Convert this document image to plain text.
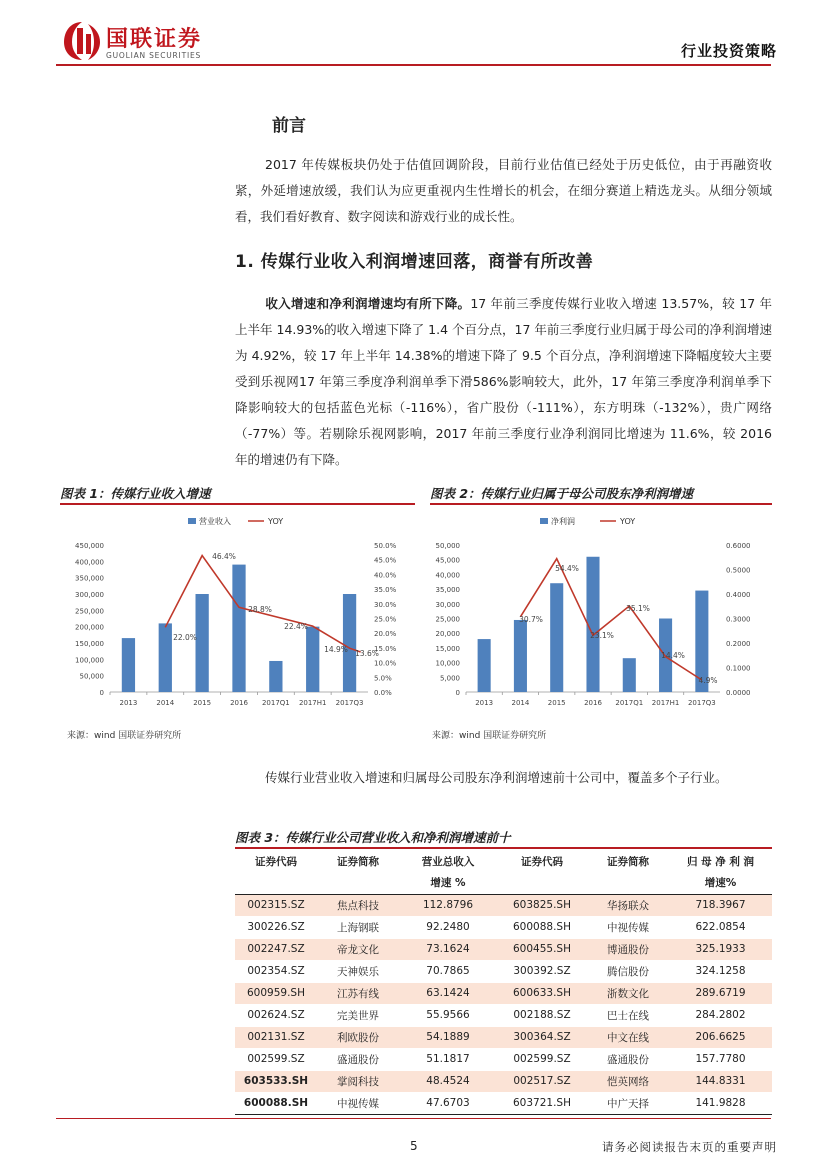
国联证券
GUOLIAN SECURITIES	行业投资策略
前言
2017 年传媒板块仍处于估值回调阶段，目前行业估值已经处于历史低位，由于再融资收紧，外延增速放缓，我们认为应更重视内生性增长的机会，在细分赛道上精选龙头。从细分领域看，我们看好教育、数字阅读和游戏行业的成长性。
1. 传媒行业收入利润增速回落，商誉有所改善
收入增速和净利润增速均有所下降。17 年前三季度传媒行业收入增速 13.57%，较 17 年上半年 14.93%的收入增速下降了 1.4 个百分点，17 年前三季度行业归属于母公司的净利润增速为 4.92%，较 17 年上半年 14.38%的增速下降了 9.5 个百分点，净利润增速下降幅度较大主要受到乐视网17 年第三季度净利润单季下滑586%影响较大，此外，17 年第三季度净利润单季下降影响较大的包括蓝色光标（-116%），省广股份（-111%），东方明珠（-132%），贵广网络（-77%）等。若剔除乐视网影响，2017 年前三季度行业净利润同比增速为 11.6%，较 2016 年的增速仍有下降。
图表 1：传媒行业收入增速	图表 2：传媒行业归属于母公司股东净利润增速
营业收入	YOY
0
50,000
100,000
150,000
200,000
250,000
300,000
350,000
400,000
450,000
0.0%
5.0%
10.0%
15.0%
20.0%
25.0%
30.0%
35.0%
40.0%
45.0%
50.0%
2013	2014	2015	2016 2017Q1 2017H1 2017Q3
22.0%
46.4%
28.8%
22.4%
14.9% 13.6%
净利润	YOY
0
5,000
10,000
15,000
20,000
25,000
30,000
35,000
40,000
45,000
50,000
0.0000
0.1000
0.2000
0.3000
0.4000
0.5000
0.6000
2013	2014	2015	2016 2017Q1 2017H1 2017Q3
30.7%
54.4%
23.1%
35.1%
14.4%
4.9%
来源：wind 国联证券研究所	来源：wind 国联证券研究所
传媒行业营业收入增速和归属母公司股东净利润增速前十公司中，覆盖多个子行业。
图表 3：传媒行业公司营业收入和净利润增速前十
证券代码	证券简称	营业总收入	证券代码	证券简称	归 母 净 利 润
		增速 %			增速%
002315.SZ	焦点科技	112.8796	603825.SH	华扬联众	718.3967
300226.SZ	上海钢联	92.2480	600088.SH	中视传媒	622.0854
002247.SZ	帝龙文化	73.1624	600455.SH	博通股份	325.1933
002354.SZ	天神娱乐	70.7865	300392.SZ	腾信股份	324.1258
600959.SH	江苏有线	63.1424	600633.SH	浙数文化	289.6719
002624.SZ	完美世界	55.9566	002188.SZ	巴士在线	284.2802
002131.SZ	利欧股份	54.1889	300364.SZ	中文在线	206.6625
002599.SZ	盛通股份	51.1817	002599.SZ	盛通股份	157.7780
603533.SH	掌阅科技	48.4524	002517.SZ	恺英网络	144.8331
600088.SH	中视传媒	47.6703	603721.SH	中广天择	141.9828
5	请务必阅读报告末页的重要声明
